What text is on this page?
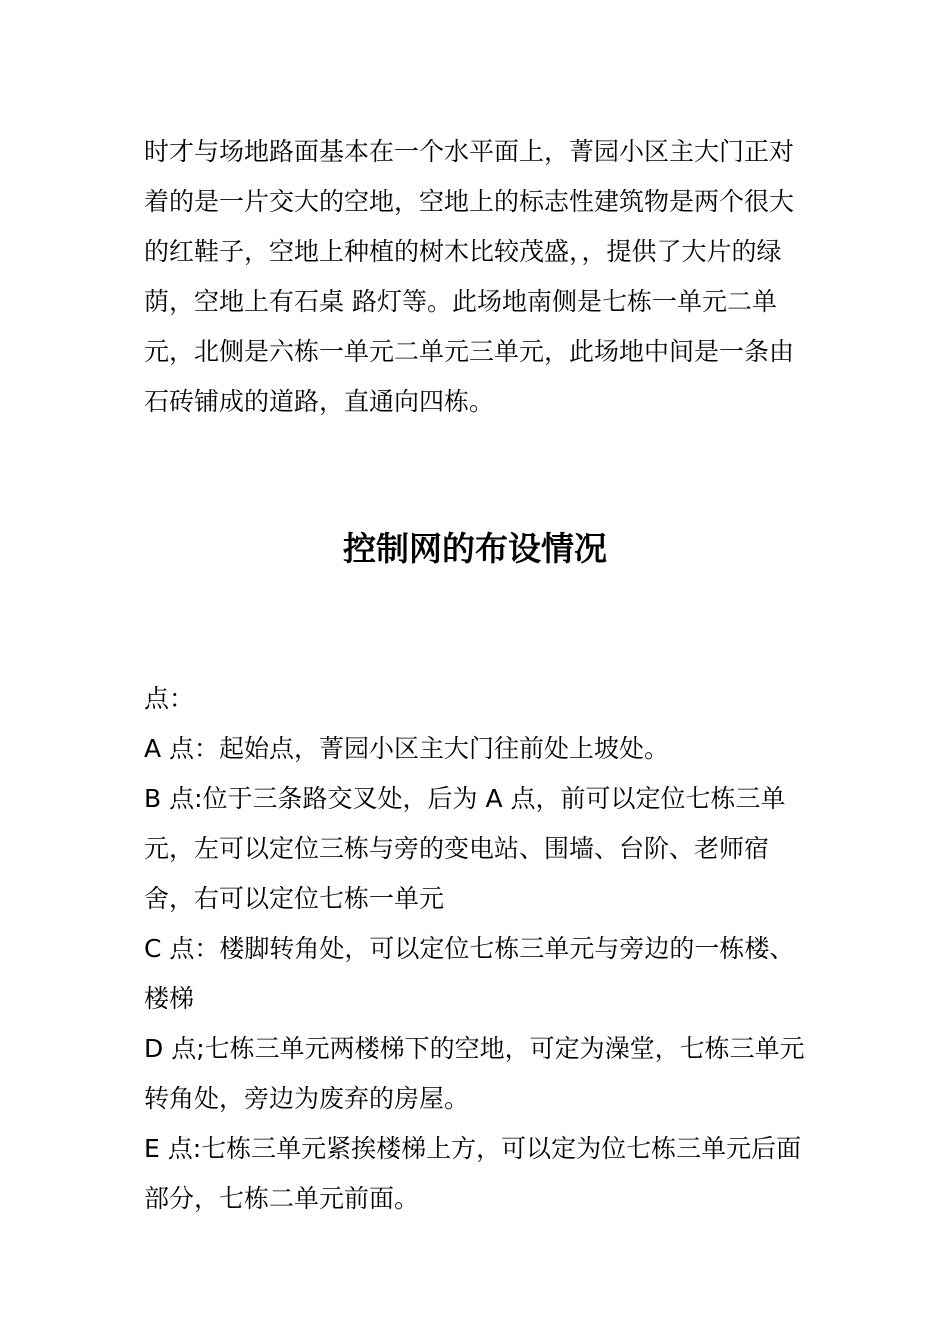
时才与场地路面基本在一个水平面上，菁园小区主大门正对着的是一片交大的空地，空地上的标志性建筑物是两个很大的红鞋子，空地上种植的树木比较茂盛，，提供了大片的绿荫，空地上有石桌 路灯等。此场地南侧是七栋一单元二单元，北侧是六栋一单元二单元三单元，此场地中间是一条由石砖铺成的道路，直通向四栋。
控制网的布设情况
点：
A 点：起始点，菁园小区主大门往前处上坡处。
B 点:位于三条路交叉处，后为 A 点，前可以定位七栋三单元，左可以定位三栋与旁的变电站、围墙、台阶、老师宿舍，右可以定位七栋一单元
C 点：楼脚转角处，可以定位七栋三单元与旁边的一栋楼、楼梯
D 点;七栋三单元两楼梯下的空地，可定为澡堂，七栋三单元转角处，旁边为废弃的房屋。
E 点:七栋三单元紧挨楼梯上方，可以定为位七栋三单元后面部分，七栋二单元前面。
